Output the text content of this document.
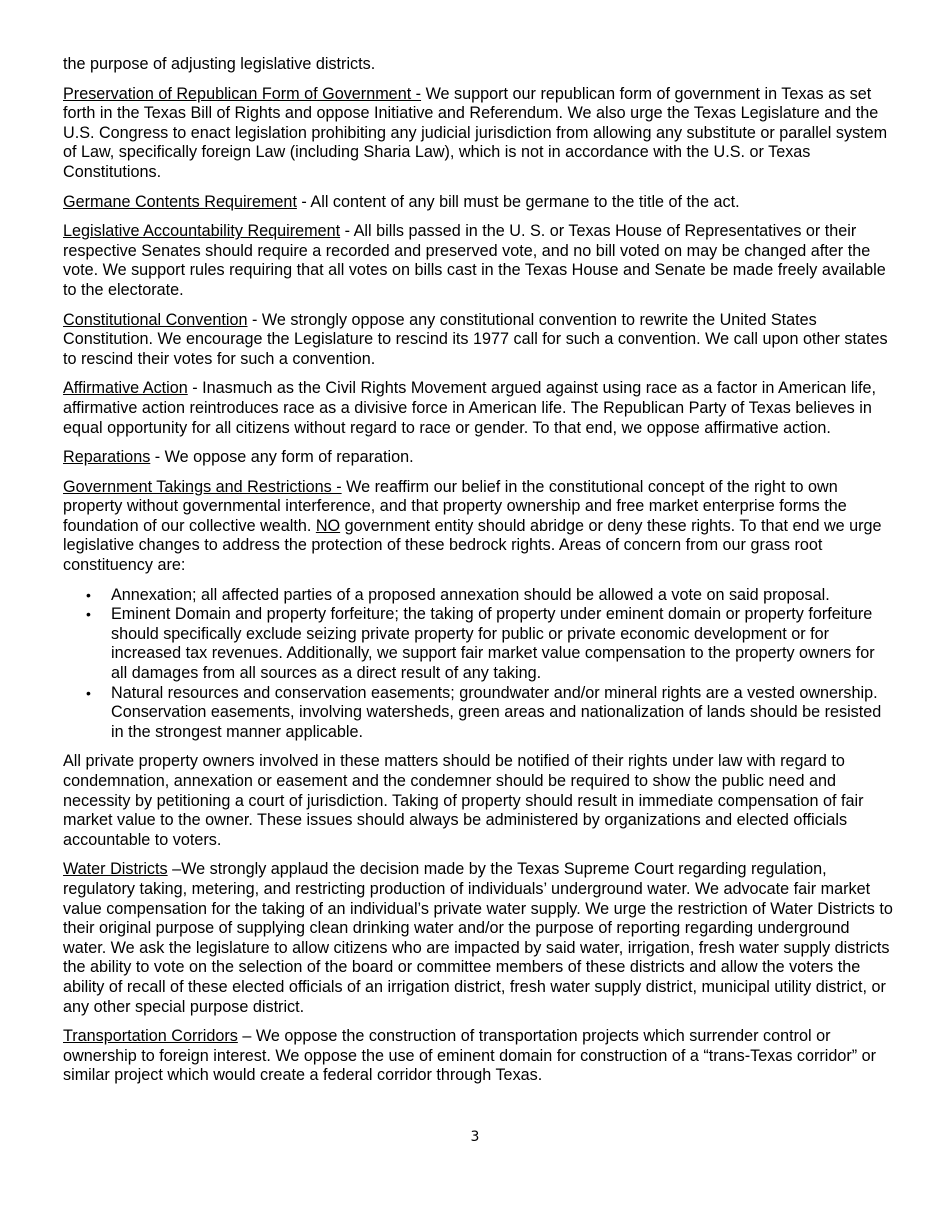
the purpose of adjusting legislative districts.

Preservation of Republican Form of Government - We support our republican form of government in Texas as set forth in the Texas Bill of Rights and oppose Initiative and Referendum. We also urge the Texas Legislature and the U.S. Congress to enact legislation prohibiting any judicial jurisdiction from allowing any substitute or parallel system of Law, specifically foreign Law (including Sharia Law), which is not in accordance with the U.S. or Texas Constitutions.

Germane Contents Requirement - All content of any bill must be germane to the title of the act.

Legislative Accountability Requirement - All bills passed in the U. S. or Texas House of Representatives or their respective Senates should require a recorded and preserved vote, and no bill voted on may be changed after the vote. We support rules requiring that all votes on bills cast in the Texas House and Senate be made freely available to the electorate.

Constitutional Convention - We strongly oppose any constitutional convention to rewrite the United States Constitution. We encourage the Legislature to rescind its 1977 call for such a convention. We call upon other states to rescind their votes for such a convention.

Affirmative Action - Inasmuch as the Civil Rights Movement argued against using race as a factor in American life, affirmative action reintroduces race as a divisive force in American life. The Republican Party of Texas believes in equal opportunity for all citizens without regard to race or gender. To that end, we oppose affirmative action.

Reparations - We oppose any form of reparation.

Government Takings and Restrictions - We reaffirm our belief in the constitutional concept of the right to own property without governmental interference, and that property ownership and free market enterprise forms the foundation of our collective wealth. NO government entity should abridge or deny these rights. To that end we urge legislative changes to address the protection of these bedrock rights. Areas of concern from our grass root constituency are:

• Annexation; all affected parties of a proposed annexation should be allowed a vote on said proposal.
• Eminent Domain and property forfeiture; the taking of property under eminent domain or property forfeiture should specifically exclude seizing private property for public or private economic development or for increased tax revenues. Additionally, we support fair market value compensation to the property owners for all damages from all sources as a direct result of any taking.
• Natural resources and conservation easements; groundwater and/or mineral rights are a vested ownership. Conservation easements, involving watersheds, green areas and nationalization of lands should be resisted in the strongest manner applicable.

All private property owners involved in these matters should be notified of their rights under law with regard to condemnation, annexation or easement and the condemner should be required to show the public need and necessity by petitioning a court of jurisdiction. Taking of property should result in immediate compensation of fair market value to the owner. These issues should always be administered by organizations and elected officials accountable to voters.

Water Districts –We strongly applaud the decision made by the Texas Supreme Court regarding regulation, regulatory taking, metering, and restricting production of individuals’ underground water. We advocate fair market value compensation for the taking of an individual’s private water supply. We urge the restriction of Water Districts to their original purpose of supplying clean drinking water and/or the purpose of reporting regarding underground water. We ask the legislature to allow citizens who are impacted by said water, irrigation, fresh water supply districts the ability to vote on the selection of the board or committee members of these districts and allow the voters the ability of recall of these elected officials of an irrigation district, fresh water supply district, municipal utility district, or any other special purpose district.

Transportation Corridors – We oppose the construction of transportation projects which surrender control or ownership to foreign interest. We oppose the use of eminent domain for construction of a “trans-Texas corridor” or similar project which would create a federal corridor through Texas.

3
